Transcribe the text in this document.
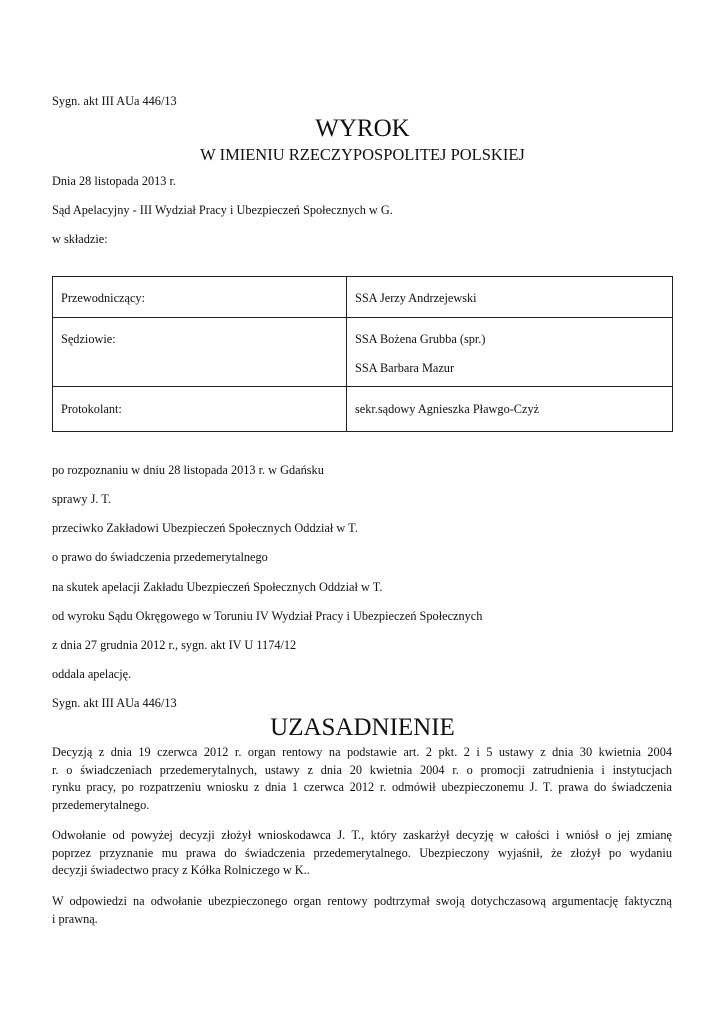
Sygn. akt III AUa 446/13
WYROK
W IMIENIU RZECZYPOSPOLITEJ POLSKIEJ
Dnia 28 listopada 2013 r.
Sąd Apelacyjny - III Wydział Pracy i Ubezpieczeń Społecznych w G.
w składzie:
Przewodniczący:	SSA Jerzy Andrzejewski

Sędziowie:	SSA Bożena Grubba (spr.)
SSA Barbara Mazur

Protokolant:	sekr.sądowy Agnieszka Pławgo-Czyż
po rozpoznaniu w dniu 28 listopada 2013 r. w Gdańsku
sprawy J. T.
przeciwko Zakładowi Ubezpieczeń Społecznych Oddział w T.
o prawo do świadczenia przedemerytalnego
na skutek apelacji Zakładu Ubezpieczeń Społecznych Oddział w T.
od wyroku Sądu Okręgowego w Toruniu IV Wydział Pracy i Ubezpieczeń Społecznych
z dnia 27 grudnia 2012 r., sygn. akt IV U 1174/12
oddala apelację.
Sygn. akt III AUa 446/13
UZASADNIENIE
Decyzją z dnia 19 czerwca 2012 r. organ rentowy na podstawie art. 2 pkt. 2 i 5 ustawy z dnia 30 kwietnia 2004
r. o świadczeniach przedemerytalnych, ustawy z dnia 20 kwietnia 2004 r. o promocji zatrudnienia i instytucjach
rynku pracy, po rozpatrzeniu wniosku z dnia 1 czerwca 2012 r. odmówił ubezpieczonemu J. T. prawa do świadczenia
przedemerytalnego.
Odwołanie od powyżej decyzji złożył wnioskodawca J. T., który zaskarżył decyzję w całości i wniósł o jej zmianę
poprzez przyznanie mu prawa do świadczenia przedemerytalnego. Ubezpieczony wyjaśnił, że złożył po wydaniu
decyzji świadectwo pracy z Kółka Rolniczego w K..
W odpowiedzi na odwołanie ubezpieczonego organ rentowy podtrzymał swoją dotychczasową argumentację faktyczną
i prawną.
